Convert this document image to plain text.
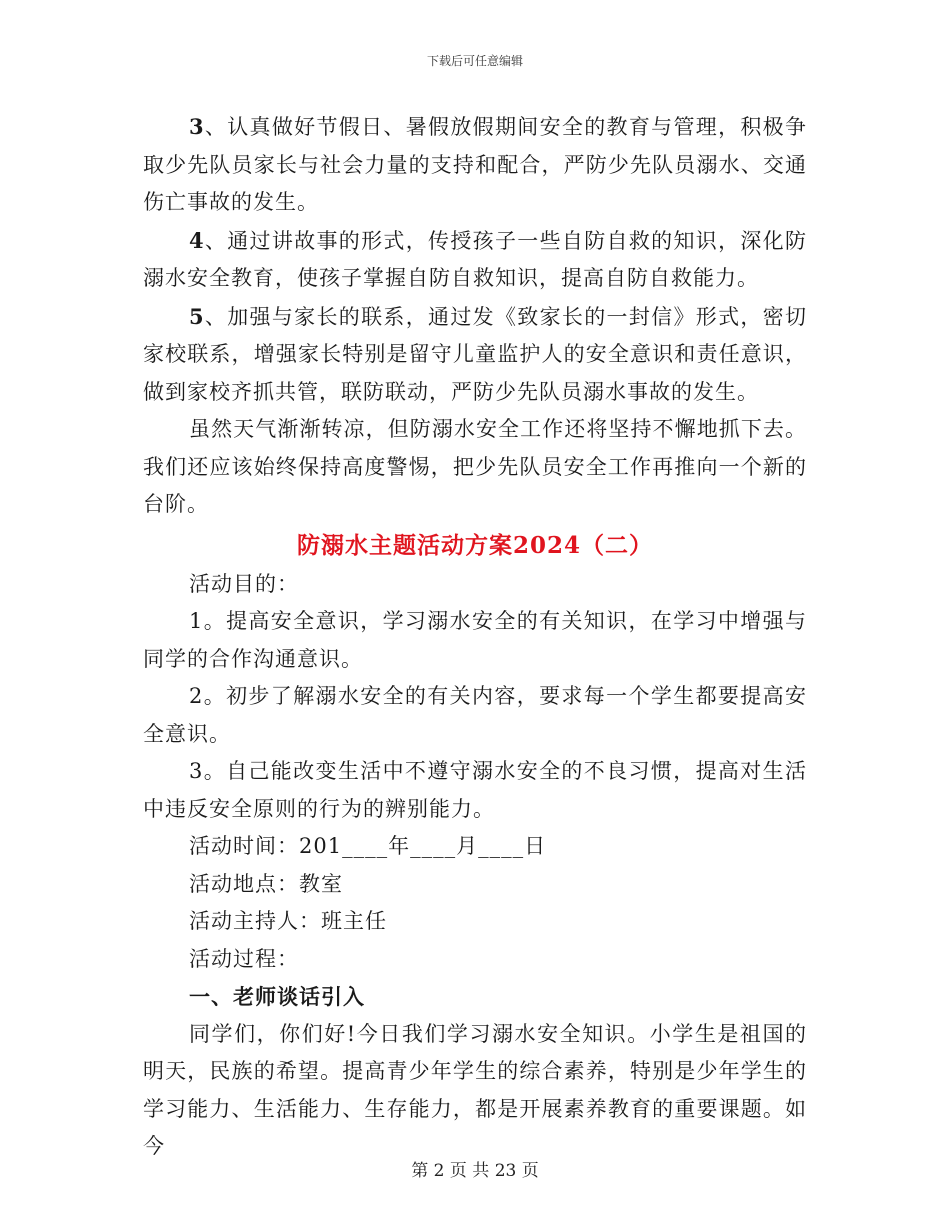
下载后可任意编辑

3、认真做好节假日、暑假放假期间安全的教育与管理，积极争取少先队员家长与社会力量的支持和配合，严防少先队员溺水、交通伤亡事故的发生。

4、通过讲故事的形式，传授孩子一些自防自救的知识，深化防溺水安全教育，使孩子掌握自防自救知识，提高自防自救能力。

5、加强与家长的联系，通过发《致家长的一封信》形式，密切家校联系，增强家长特别是留守儿童监护人的安全意识和责任意识，做到家校齐抓共管，联防联动，严防少先队员溺水事故的发生。

虽然天气渐渐转凉，但防溺水安全工作还将坚持不懈地抓下去。我们还应该始终保持高度警惕，把少先队员安全工作再推向一个新的台阶。

防溺水主题活动方案2024（二）

活动目的：

1。提高安全意识，学习溺水安全的有关知识，在学习中增强与同学的合作沟通意识。

2。初步了解溺水安全的有关内容，要求每一个学生都要提高安全意识。

3。自己能改变生活中不遵守溺水安全的不良习惯，提高对生活中违反安全原则的行为的辨别能力。

活动时间：201____年____月____日

活动地点：教室

活动主持人：班主任

活动过程：

一、老师谈话引入

同学们，你们好!今日我们学习溺水安全知识。小学生是祖国的明天，民族的希望。提高青少年学生的综合素养，特别是少年学生的学习能力、生活能力、生存能力，都是开展素养教育的重要课题。如今

第 2 页 共 23 页
